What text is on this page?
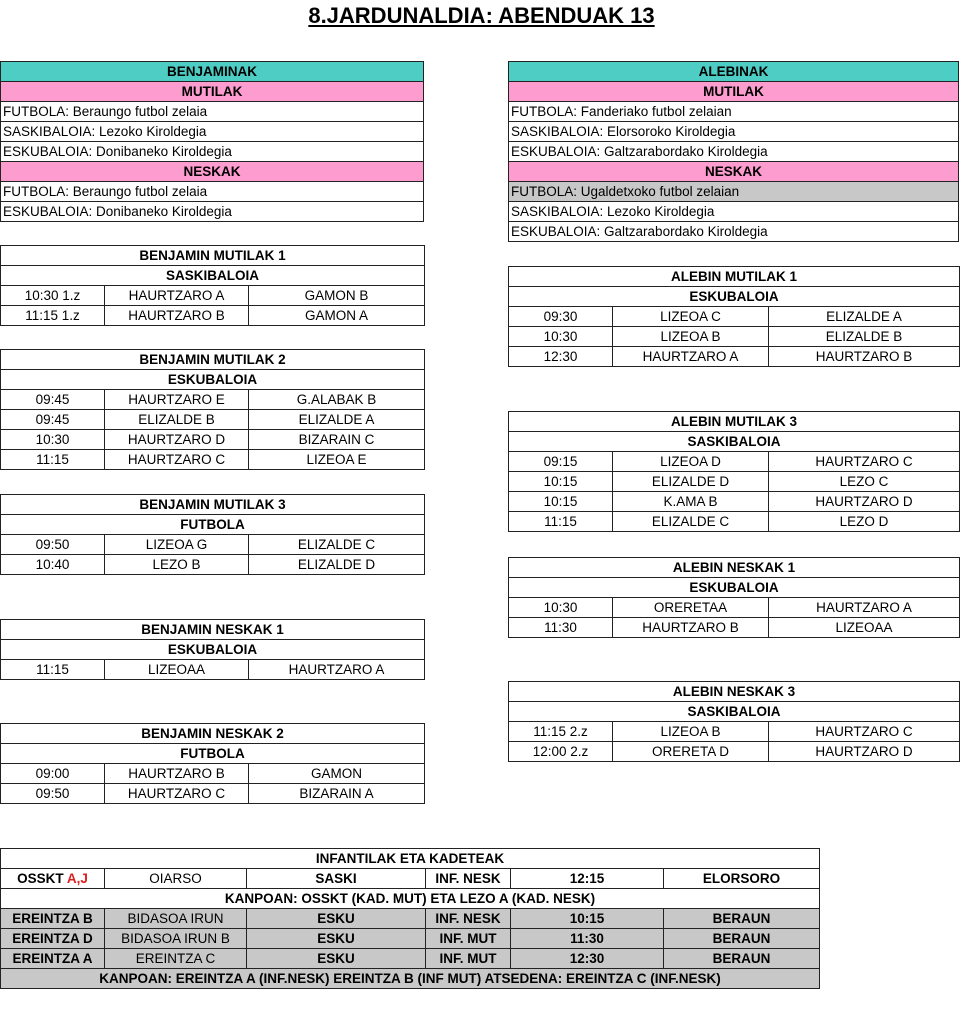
8.JARDUNALDIA: ABENDUAK 13
BENJAMINAK
MUTILAK
FUTBOLA: Beraungo futbol zelaia
SASKIBALOIA: Lezoko Kiroldegia
ESKUBALOIA: Donibaneko Kiroldegia
NESKAK
FUTBOLA: Beraungo futbol zelaia
ESKUBALOIA: Donibaneko Kiroldegia
ALEBINAK
MUTILAK
FUTBOLA: Fanderiako futbol zelaian
SASKIBALOIA: Elorsoroko Kiroldegia
ESKUBALOIA: Galtzarabordako Kiroldegia
NESKAK
FUTBOLA: Ugaldetxoko futbol zelaian
SASKIBALOIA: Lezoko Kiroldegia
ESKUBALOIA: Galtzarabordako Kiroldegia
BENJAMIN MUTILAK 1		
SASKIBALOIA		
10:30 1.z	HAURTZARO A	GAMON B
11:15 1.z	HAURTZARO B	GAMON A
BENJAMIN MUTILAK 2		
ESKUBALOIA		
09:45	HAURTZARO E	G.ALABAK B
09:45	ELIZALDE B	ELIZALDE A
10:30	HAURTZARO D	BIZARAIN C
11:15	HAURTZARO C	LIZEOA E
BENJAMIN MUTILAK 3		
FUTBOLA		
09:50	LIZEOA G	ELIZALDE C
10:40	LEZO B	ELIZALDE D
BENJAMIN NESKAK 1
ESKUBALOIA
11:15	LIZEOAA	HAURTZARO A
BENJAMIN NESKAK 2		
FUTBOLA		
09:00	HAURTZARO B	GAMON
09:50	HAURTZARO C	BIZARAIN A
ALEBIN MUTILAK 1		
ESKUBALOIA		
09:30	LIZEOA C	ELIZALDE A
10:30	LIZEOA B	ELIZALDE B
12:30	HAURTZARO A	HAURTZARO B
ALEBIN MUTILAK 3		
SASKIBALOIA		
09:15	LIZEOA D	HAURTZARO C
10:15	ELIZALDE D	LEZO C
10:15	K.AMA B	HAURTZARO D
11:15	ELIZALDE C	LEZO D
ALEBIN NESKAK 1		
ESKUBALOIA		
10:30	ORERETAA	HAURTZARO A
11:30	HAURTZARO B	LIZEOAA
ALEBIN NESKAK 3		
SASKIBALOIA		
11:15 2.z	LIZEOA B	HAURTZARO C
12:00 2.z	ORERETA D	HAURTZARO D
INFANTILAK ETA KADETEAK					
OSSKT A,J	OIARSO	SASKI	INF. NESK	12:15	ELORSORO
KANPOAN: OSSKT (KAD. MUT) ETA LEZO A (KAD. NESK)					
EREINTZA B	BIDASOA IRUN	ESKU	INF. NESK	10:15	BERAUN
EREINTZA D	BIDASOA IRUN B	ESKU	INF. MUT	11:30	BERAUN
EREINTZA A	EREINTZA C	ESKU	INF. MUT	12:30	BERAUN
KANPOAN: EREINTZA A (INF.NESK) EREINTZA B (INF MUT) ATSEDENA: EREINTZA C (INF.NESK)					
